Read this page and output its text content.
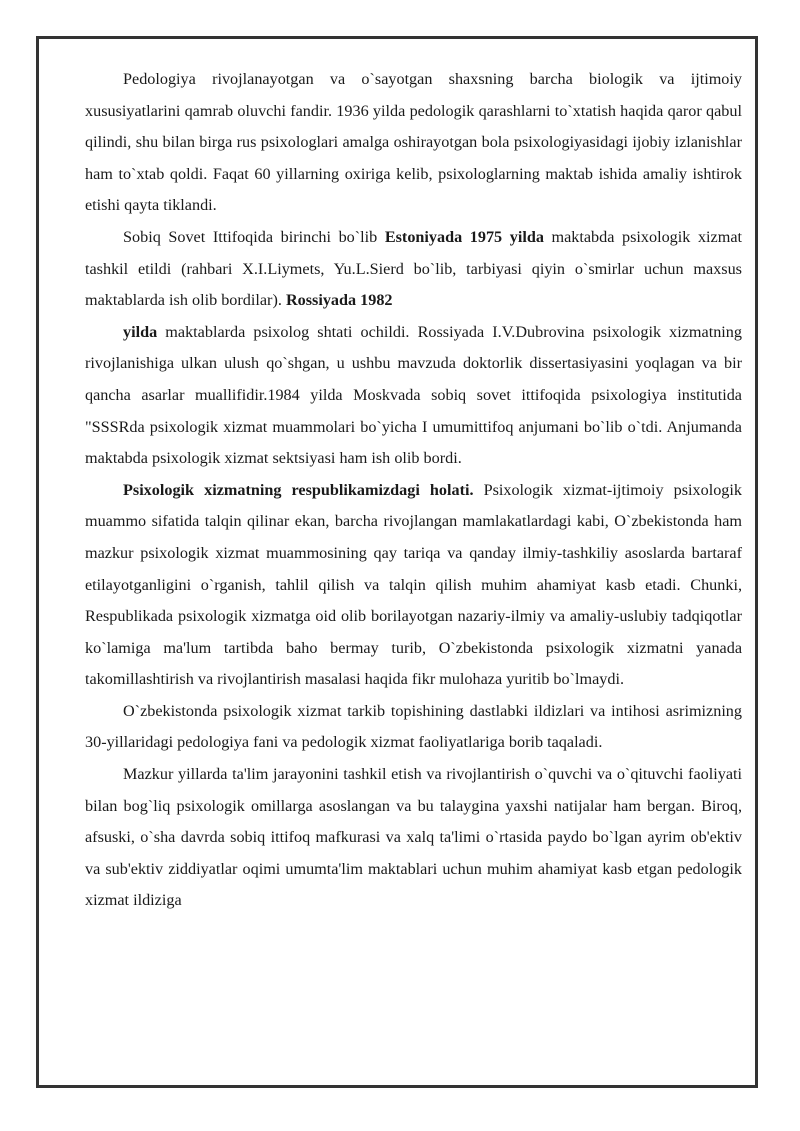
Pedologiya rivojlanayotgan va o`sayotgan shaxsning barcha biologik va ijtimoiy xususiyatlarini qamrab oluvchi fandir. 1936 yilda pedologik qarashlarni to`xtatish haqida qaror qabul qilindi, shu bilan birga rus psixologlari amalga oshirayotgan bola psixologiyasidagi ijobiy izlanishlar ham to`xtab qoldi. Faqat 60 yillarning oxiriga kelib, psixologlarning maktab ishida amaliy ishtirok etishi qayta tiklandi.

Sobiq Sovet Ittifoqida birinchi bo`lib Estoniyada 1975 yilda maktabda psixologik xizmat tashkil etildi (rahbari X.I.Liymets, Yu.L.Sierd bo`lib, tarbiyasi qiyin o`smirlar uchun maxsus maktablarda ish olib bordilar). Rossiyada 1982

yilda maktablarda psixolog shtati ochildi. Rossiyada I.V.Dubrovina psixologik xizmatning rivojlanishiga ulkan ulush qo`shgan, u ushbu mavzuda doktorlik dissertasiyasini yoqlagan va bir qancha asarlar muallifidir.1984 yilda Moskvada sobiq sovet ittifoqida psixologiya institutida "SSSRda psixologik xizmat muammolari bo`yicha I umumittifoq anjumani bo`lib o`tdi. Anjumanda maktabda psixologik xizmat sektsiyasi ham ish olib bordi.

Psixologik xizmatning respublikamizdagi holati. Psixologik xizmat-ijtimoiy psixologik muammo sifatida talqin qilinar ekan, barcha rivojlangan mamlakatlardagi kabi, O`zbekistonda ham mazkur psixologik xizmat muammosining qay tariqa va qanday ilmiy-tashkiliy asoslarda bartaraf etilayotganligini o`rganish, tahlil qilish va talqin qilish muhim ahamiyat kasb etadi. Chunki, Respublikada psixologik xizmatga oid olib borilayotgan nazariy-ilmiy va amaliy-uslubiy tadqiqotlar ko`lamiga ma'lum tartibda baho bermay turib, O`zbekistonda psixologik xizmatni yanada takomillashtirish va rivojlantirish masalasi haqida fikr mulohaza yuritib bo`lmaydi.

O`zbekistonda psixologik xizmat tarkib topishining dastlabki ildizlari va intihosi asrimizning 30-yillaridagi pedologiya fani va pedologik xizmat faoliyatlariga borib taqaladi.

Mazkur yillarda ta'lim jarayonini tashkil etish va rivojlantirish o`quvchi va o`qituvchi faoliyati bilan bog`liq psixologik omillarga asoslangan va bu talaygina yaxshi natijalar ham bergan. Biroq, afsuski, o`sha davrda sobiq ittifoq mafkurasi va xalq ta'limi o`rtasida paydo bo`lgan ayrim ob'ektiv va sub'ektiv ziddiyatlar oqimi umumta'lim maktablari uchun muhim ahamiyat kasb etgan pedologik xizmat ildiziga
